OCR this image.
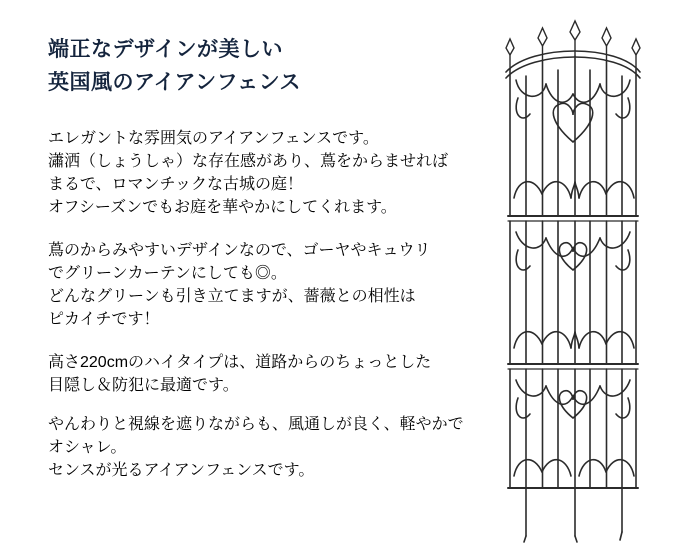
端正なデザインが美しい
英国風のアイアンフェンス

エレガントな雰囲気のアイアンフェンスです。
瀟洒（しょうしゃ）な存在感があり、蔦をからませれば
まるで、ロマンチックな古城の庭！
オフシーズンでもお庭を華やかにしてくれます。

蔦のからみやすいデザインなので、ゴーヤやキュウリ
でグリーンカーテンにしても◎。
どんなグリーンも引き立てますが、薔薇との相性は
ピカイチです！

高さ220cmのハイタイプは、道路からのちょっとした
目隠し＆防犯に最適です。

やんわりと視線を遮りながらも、風通しが良く、軽やかで
オシャレ。
センスが光るアイアンフェンスです。
